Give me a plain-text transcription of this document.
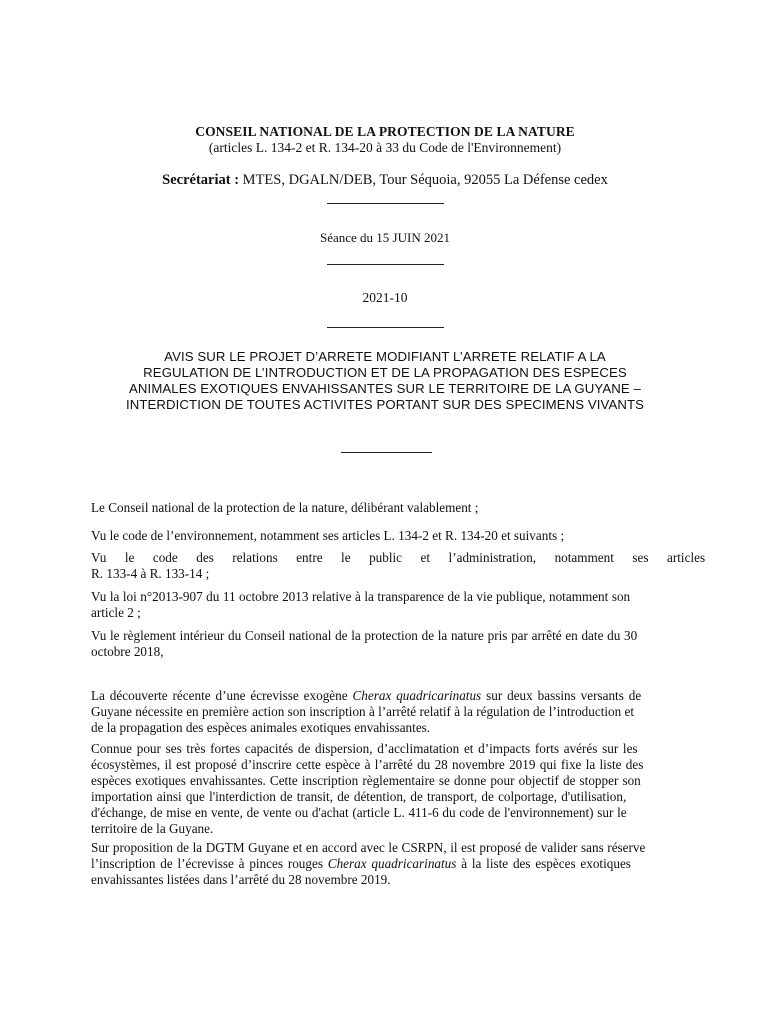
CONSEIL NATIONAL DE LA PROTECTION DE LA NATURE
(articles L. 134-2 et R. 134-20 à 33 du Code de l'Environnement)
Secrétariat : MTES, DGALN/DEB, Tour Séquoia, 92055 La Défense cedex
Séance du 15 JUIN 2021
2021-10
AVIS SUR LE PROJET D’ARRETE MODIFIANT L’ARRETE RELATIF A LA
REGULATION DE L’INTRODUCTION ET DE LA PROPAGATION DES ESPECES
ANIMALES EXOTIQUES ENVAHISSANTES SUR LE TERRITOIRE DE LA GUYANE –
INTERDICTION DE TOUTES ACTIVITES PORTANT SUR DES SPECIMENS VIVANTS
Le Conseil national de la protection de la nature, délibérant valablement ;
Vu le code de l’environnement, notamment ses articles L. 134-2 et R. 134-20 et suivants ;
Vu le code des relations entre le public et l’administration, notamment ses articles
R. 133-4 à R. 133-14 ;
Vu la loi n°2013-907 du 11 octobre 2013 relative à la transparence de la vie publique, notamment son
article 2 ;
Vu le règlement intérieur du Conseil national de la protection de la nature pris par arrêté en date du 30
octobre 2018,
La découverte récente d’une écrevisse exogène Cherax quadricarinatus sur deux bassins versants de
Guyane nécessite en première action son inscription à l’arrêté relatif à la régulation de l’introduction et
de la propagation des espèces animales exotiques envahissantes.
Connue pour ses très fortes capacités de dispersion, d’acclimatation et d’impacts forts avérés sur les
écosystèmes, il est proposé d’inscrire cette espèce à l’arrêté du 28 novembre 2019 qui fixe la liste des
espèces exotiques envahissantes. Cette inscription règlementaire se donne pour objectif de stopper son
importation ainsi que l'interdiction de transit, de détention, de transport, de colportage, d'utilisation,
d'échange, de mise en vente, de vente ou d'achat (article L. 411-6 du code de l'environnement) sur le
territoire de la Guyane.
Sur proposition de la DGTM Guyane et en accord avec le CSRPN, il est proposé de valider sans réserve
l’inscription de l’écrevisse à pinces rouges Cherax quadricarinatus à la liste des espèces exotiques
envahissantes listées dans l’arrêté du 28 novembre 2019.
